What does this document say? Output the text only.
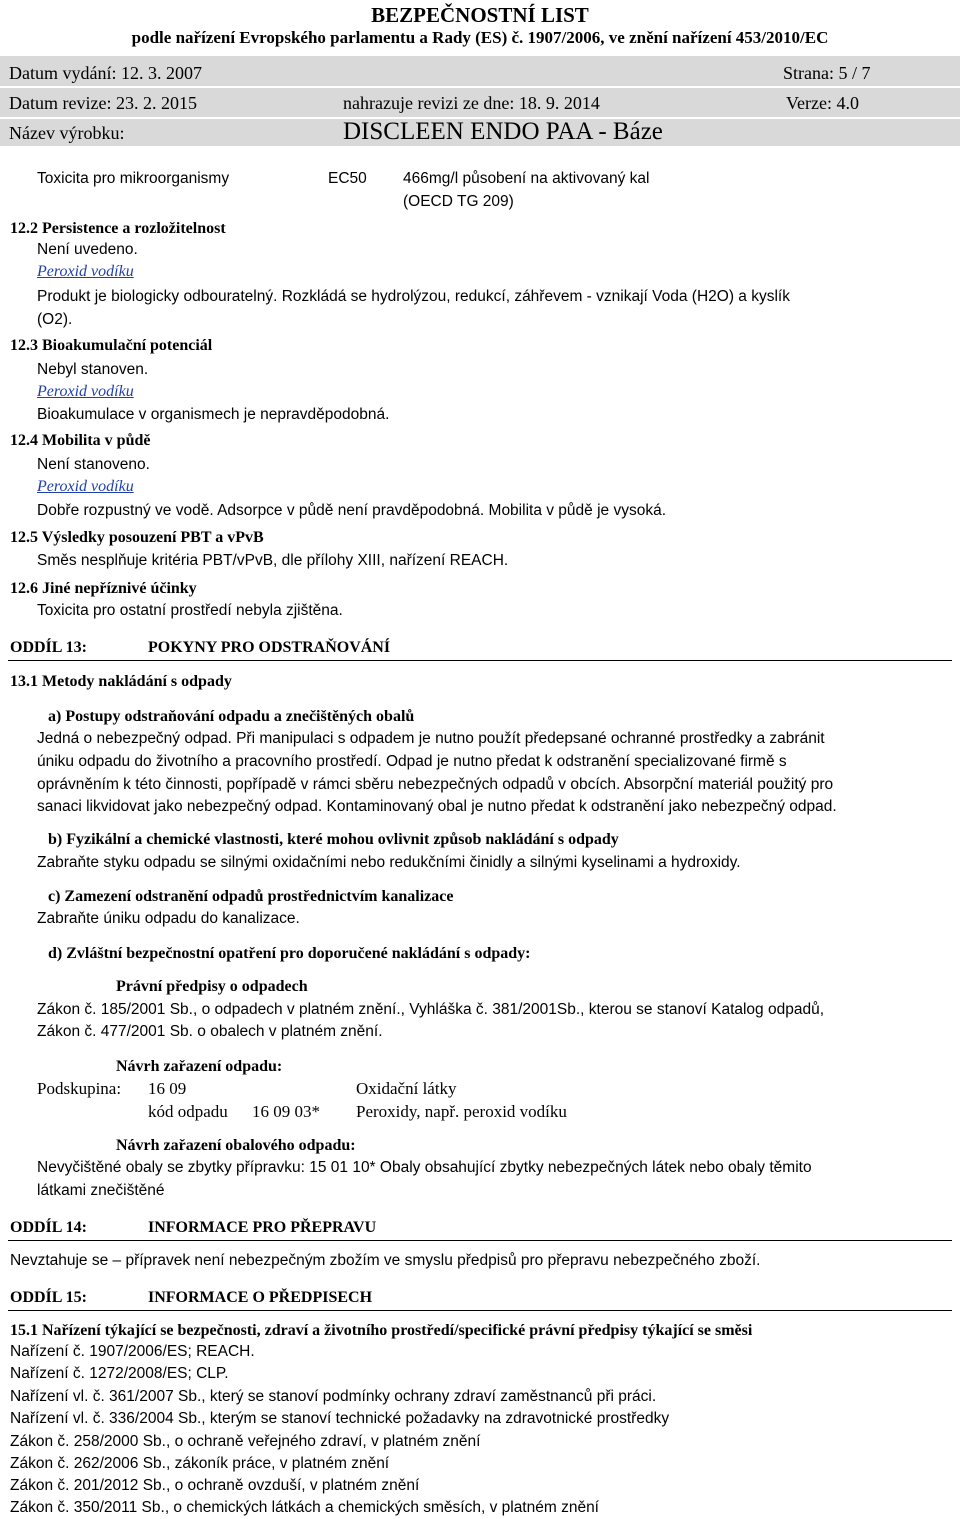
BEZPEČNOSTNÍ LIST
podle nařízení Evropského parlamentu a Rady (ES) č. 1907/2006, ve znění nařízení 453/2010/EC
Datum vydání: 12. 3. 2007	Strana: 5 / 7
Datum revize: 23. 2. 2015	nahrazuje revizi ze dne: 18. 9. 2014	Verze: 4.0
Název výrobku:	DISCLEEN ENDO PAA - Báze
Toxicita pro mikroorganismy	EC50 466mg/l působení na aktivovaný kal
(OECD TG 209)
12.2 Persistence a rozložitelnost
Není uvedeno.
Peroxid vodíku
Produkt je biologicky odbouratelný. Rozkládá se hydrolýzou, redukcí, záhřevem - vznikají Voda (H2O) a kyslík
(O2).
12.3 Bioakumulační potenciál
Nebyl stanoven.
Peroxid vodíku
Bioakumulace v organismech je nepravděpodobná.
12.4 Mobilita v půdě
Není stanoveno.
Peroxid vodíku
Dobře rozpustný ve vodě. Adsorpce v půdě není pravděpodobná. Mobilita v půdě je vysoká.
12.5 Výsledky posouzení PBT a vPvB
Směs nesplňuje kritéria PBT/vPvB, dle přílohy XIII, nařízení REACH.
12.6 Jiné nepříznivé účinky
Toxicita pro ostatní prostředí nebyla zjištěna.
ODDÍL 13:	POKYNY PRO ODSTRAŇOVÁNÍ
13.1 Metody nakládání s odpady
a) Postupy odstraňování odpadu a znečištěných obalů
Jedná o nebezpečný odpad. Při manipulaci s odpadem je nutno použít předepsané ochranné prostředky a zabránit
úniku odpadu do životního a pracovního prostředí. Odpad je nutno předat k odstranění specializované firmě s
oprávněním k této činnosti, popřípadě v rámci sběru nebezpečných odpadů v obcích. Absorpční materiál použitý pro
sanaci likvidovat jako nebezpečný odpad. Kontaminovaný obal je nutno předat k odstranění jako nebezpečný odpad.
b) Fyzikální a chemické vlastnosti, které mohou ovlivnit způsob nakládání s odpady
Zabraňte styku odpadu se silnými oxidačními nebo redukčními činidly a silnými kyselinami a hydroxidy.
c) Zamezení odstranění odpadů prostřednictvím kanalizace
Zabraňte úniku odpadu do kanalizace.
d) Zvláštní bezpečnostní opatření pro doporučené nakládání s odpady:
Právní předpisy o odpadech
Zákon č. 185/2001 Sb., o odpadech v platném znění., Vyhláška č. 381/2001Sb., kterou se stanoví Katalog odpadů,
Zákon č. 477/2001 Sb. o obalech v platném znění.
Návrh zařazení odpadu:
Podskupina: 16 09	Oxidační látky
kód odpadu 16 09 03* Peroxidy, např. peroxid vodíku
Návrh zařazení obalového odpadu:
Nevyčištěné obaly se zbytky přípravku: 15 01 10* Obaly obsahující zbytky nebezpečných látek nebo obaly těmito
látkami znečištěné
ODDÍL 14:	INFORMACE PRO PŘEPRAVU
Nevztahuje se – přípravek není nebezpečným zbožím ve smyslu předpisů pro přepravu nebezpečného zboží.
ODDÍL 15:	INFORMACE O PŘEDPISECH
15.1 Nařízení týkající se bezpečnosti, zdraví a životního prostředí/specifické právní předpisy týkající se směsi
Nařízení č. 1907/2006/ES; REACH.
Nařízení č. 1272/2008/ES; CLP.
Nařízení vl. č. 361/2007 Sb., který se stanoví podmínky ochrany zdraví zaměstnanců při práci.
Nařízení vl. č. 336/2004 Sb., kterým se stanoví technické požadavky na zdravotnické prostředky
Zákon č. 258/2000 Sb., o ochraně veřejného zdraví, v platném znění
Zákon č. 262/2006 Sb., zákoník práce, v platném znění
Zákon č. 201/2012 Sb., o ochraně ovzduší, v platném znění
Zákon č. 350/2011 Sb., o chemických látkách a chemických směsích, v platném znění
